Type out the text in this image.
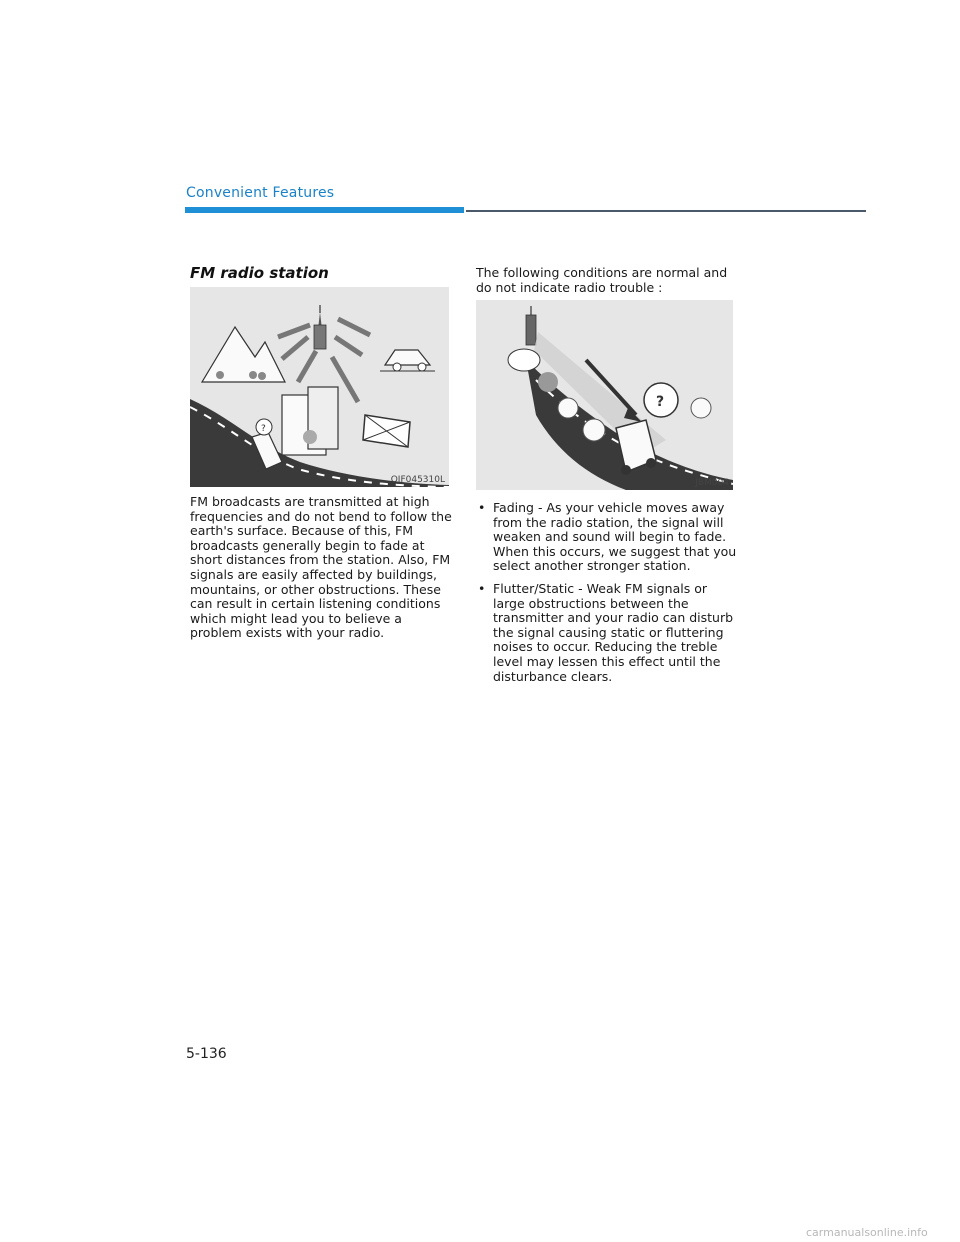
Convenient Features
FM radio station
?
OJF045310L
FM broadcasts are transmitted at high frequencies and do not bend to follow the earth's surface. Because of this, FM broadcasts generally begin to fade at short distances from the station. Also, FM signals are easily affected by buildings, mountains, or other obstructions. These can result in certain listening conditions which might lead you to believe a problem exists with your radio.
The following conditions are normal and do not indicate radio trouble :
?
JBM004
• Fading - As your vehicle moves away from the radio station, the signal will weaken and sound will begin to fade. When this occurs, we suggest that you select another stronger station.
• Flutter/Static - Weak FM signals or large obstructions between the transmitter and your radio can disturb the signal causing static or fluttering noises to occur. Reducing the treble level may lessen this effect until the disturbance clears.
5-136
carmanualsonline.info
